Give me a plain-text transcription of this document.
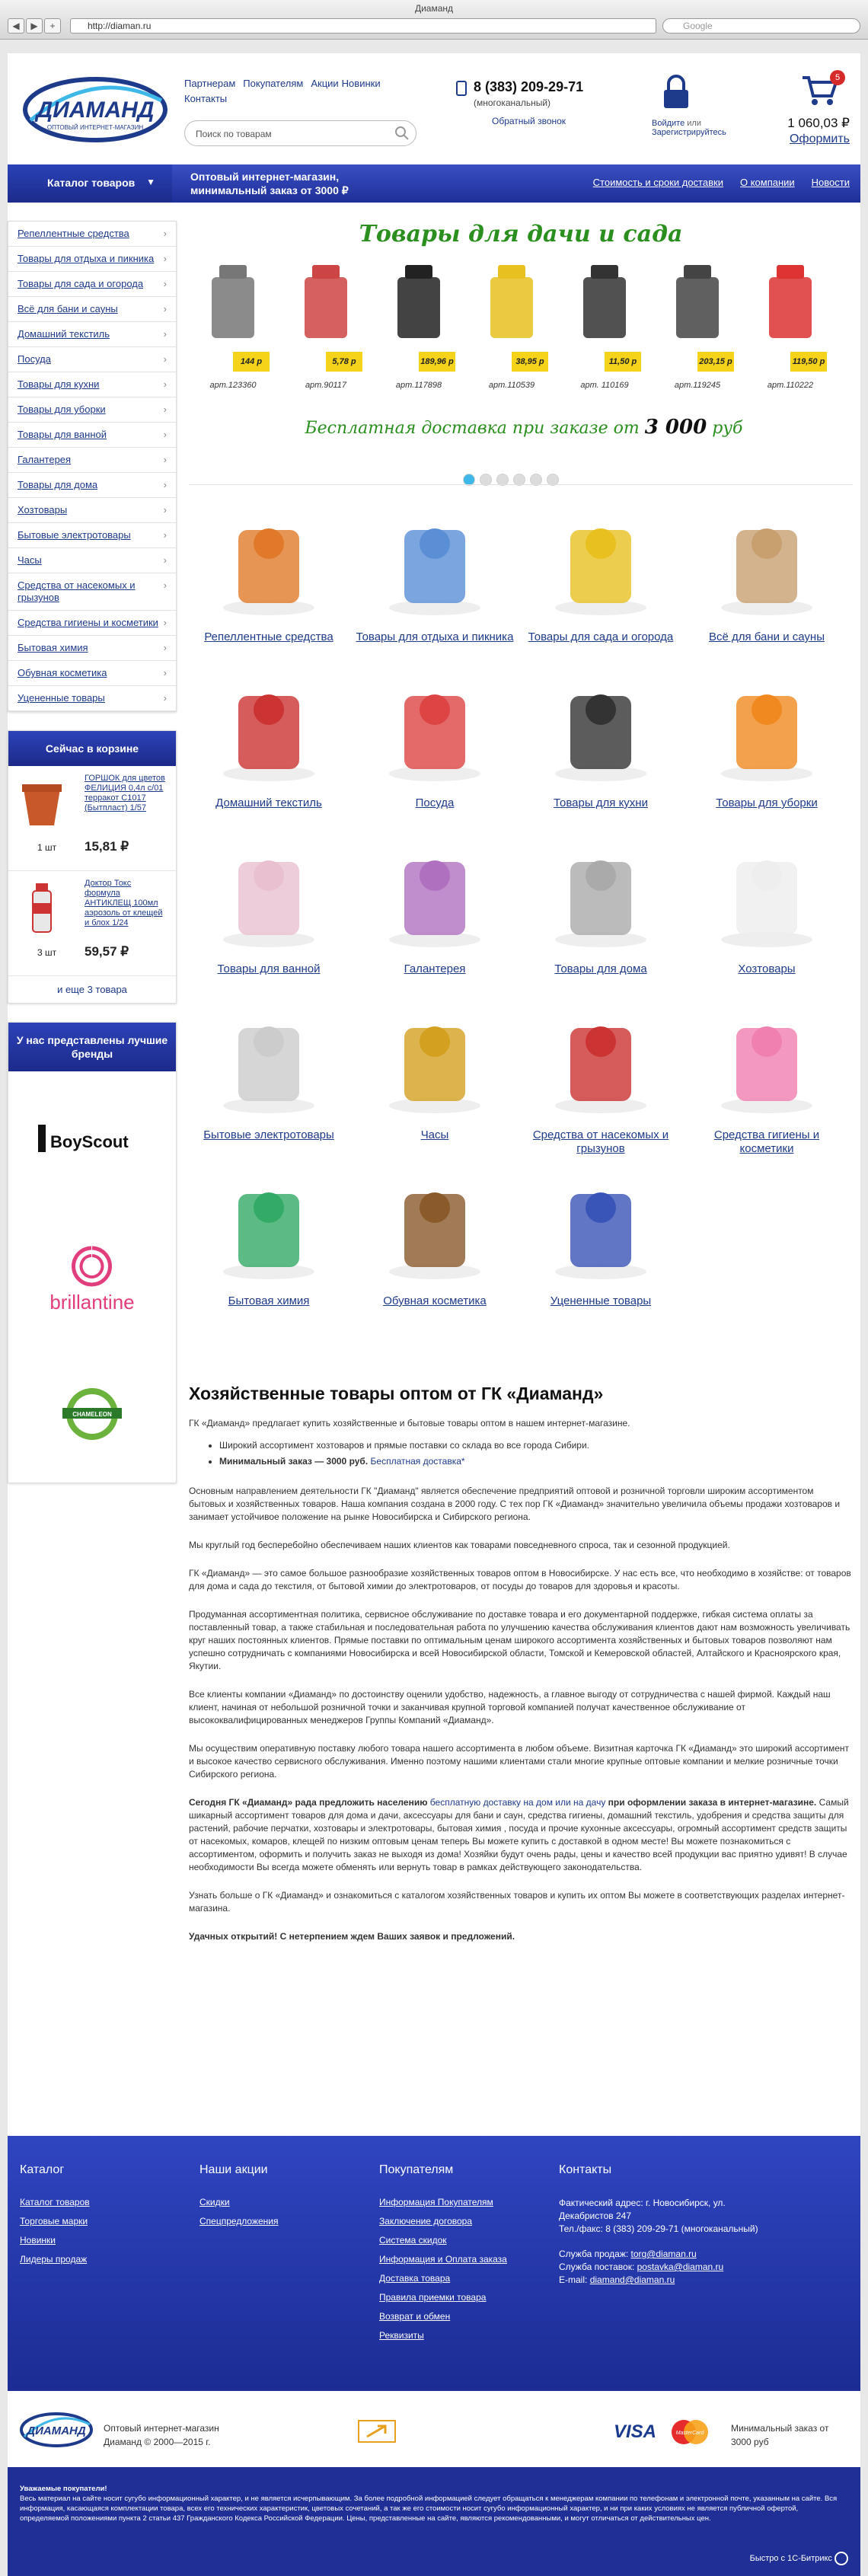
Диаманд
◀	▶	+	http://diaman.ru	Google
ДИАМАНД
ОПТОВЫЙ ИНТЕРНЕТ-МАГАЗИН
Партнерам Покупателям Акции Новинки
Контакты
Поиск по товарам
8 (383) 209-29-71
(многоканальный)
Обратный звонок	Войдите или
Зарегистрируйтесь
5
1 060,03 ₽
Оформить
Каталог товаров ▼	Оптовый интернет-магазин,
минимальный заказ от 3000 ₽
Стоимость и сроки доставки О компании Новости
Репеллентные средства ›
Товары для отдыха и пикника ›
Товары для сада и огорода ›
Всё для бани и сауны ›
Домашний текстиль ›
Посуда ›
Товары для кухни ›
Товары для уборки ›
Товары для ванной ›
Галантерея ›
Товары для дома ›
Хозтовары ›
Бытовые электротовары ›
Часы ›
Средства от насекомых и грызунов ›
Средства гигиены и косметики ›
Бытовая химия ›
Обувная косметика ›
Уцененные товары ›
Сейчас в корзине
ГОРШОК для цветов ФЕЛИЦИЯ 0,4л с/01 терракот С1017 (Бытпласт) 1/57
1 шт 15,81 ₽
Доктор Токс формула АНТИКЛЕЩ 100мл аэрозоль от клещей и блох 1/24
3 шт 59,57 ₽
и еще 3 товара
У нас представлены лучшие бренды
BoyScout
brillantine
CHAMELEON
Товары для дачи и сада
144 р
арт.123360
5,78 р
арт.90117
189,96 р
арт.117898
38,95 р
арт.110539
11,50 р
арт. 110169
203,15 р
арт.119245
119,50 р
арт.110222
Бесплатная доставка при заказе от 3 000 руб
Репеллентные средства	Товары для отдыха и пикника	Товары для сада и огорода	Всё для бани и сауны
Домашний текстиль	Посуда	Товары для кухни	Товары для уборки
Товары для ванной	Галантерея	Товары для дома	Хозтовары
Бытовые электротовары	Часы	Средства от насекомых и грызунов
Средства гигиены и косметики
Бытовая химия	Обувная косметика	Уцененные товары
Хозяйственные товары оптом от ГК «Диаманд»

ГК «Диаманд» предлагает купить хозяйственные и бытовые товары оптом в нашем интернет-магазине.

• Широкий ассортимент хозтоваров и прямые поставки со склада во все города Сибири.
• Минимальный заказ — 3000 руб. Бесплатная доставка*

Основным направлением деятельности ГК "Диаманд" является обеспечение предприятий оптовой и розничной торговли широким ассортиментом бытовых и хозяйственных товаров. Наша компания создана в 2000 году. С тех пор ГК «Диаманд» значительно увеличила объемы продажи хозтоваров и занимает устойчивое положение на рынке Новосибирска и Сибирского региона.

Мы круглый год бесперебойно обеспечиваем наших клиентов как товарами повседневного спроса, так и сезонной продукцией.

ГК «Диаманд» — это самое большое разнообразие хозяйственных товаров оптом в Новосибирске. У нас есть все, что необходимо в хозяйстве: от товаров для дома и сада до текстиля, от бытовой химии до электротоваров, от посуды до товаров для здоровья и красоты.

Продуманная ассортиментная политика, сервисное обслуживание по доставке товара и его документарной поддержке, гибкая система оплаты за поставленный товар, а также стабильная и последовательная работа по улучшению качества обслуживания клиентов дают нам возможность увеличивать круг наших постоянных клиентов. Прямые поставки по оптимальным ценам широкого ассортимента хозяйственных и бытовых товаров позволяют нам успешно сотрудничать с компаниями Новосибирска и всей Новосибирской области, Томской и Кемеровской областей, Алтайского и Красноярского края, Якутии.

Все клиенты компании «Диаманд» по достоинству оценили удобство, надежность, а главное выгоду от сотрудничества с нашей фирмой. Каждый наш клиент, начиная от небольшой розничной точки и заканчивая крупной торговой компанией получат качественное обслуживание от высококвалифицированных менеджеров Группы Компаний «Диаманд».

Мы осуществим оперативную поставку любого товара нашего ассортимента в любом объеме. Визитная карточка ГК «Диаманд» это широкий ассортимент и высокое качество сервисного обслуживания. Именно поэтому нашими клиентами стали многие крупные оптовые компании и мелкие розничные точки Сибирского региона.

Сегодня ГК «Диаманд» рада предложить населению бесплатную доставку на дом или на дачу при оформлении заказа в интернет-магазине. Самый шикарный ассортимент товаров для дома и дачи, аксессуары для бани и саун, средства гигиены, домашний текстиль, удобрения и средства защиты для растений, рабочие перчатки, хозтовары и электротовары, бытовая химия , посуда и прочие кухонные аксессуары, огромный ассортимент средств защиты от насекомых, комаров, клещей по низким оптовым ценам теперь Вы можете купить с доставкой в одном месте! Вы можете познакомиться с ассортиментом, оформить и получить заказ не выходя из дома! Хозяйки будут очень рады, цены и качество всей продукции вас приятно удивят! В случае необходимости Вы всегда можете обменять или вернуть товар в рамках действующего законодательства.

Узнать больше о ГК «Диаманд» и ознакомиться с каталогом хозяйственных товаров и купить их оптом Вы можете в соответствующих разделах интернет-магазина.

Удачных открытий! С нетерпением ждем Ваших заявок и предложений.

Каталог
Каталог товаров
Торговые марки
Новинки
Лидеры продаж
Наши акции
Скидки
Спецпредложения
Покупателям
Информация Покупателям
Заключение договора
Система скидок
Информация и Оплата заказа
Доставка товара
Правила приемки товара
Возврат и обмен
Реквизиты
Контакты
Фактический адрес: г. Новосибирск, ул. Декабристов 247
Тел./факс: 8 (383) 209-29-71 (многоканальный)
Служба продаж: torg@diaman.ru
Служба поставок: postavka@diaman.ru
E-mail: diamand@diaman.ru
ДИАМАНД Оптовый интернет-магазин
Диаманд © 2000—2015 г.	VISA	MasterCard	Минимальный заказ от
3000 руб
Уважаемые покупатели!
Весь материал на сайте носит сугубо информационный характер, и не является исчерпывающим. За более подробной информацией следует обращаться к менеджерам компании по телефонам и электронной почте, указанным на сайте. Вся информация, касающаяся комплектации товара, всех его технических характеристик, цветовых сочетаний, а так же его стоимости носит сугубо информационный характер, и ни при каких условиях не является публичной офертой, определяемой положениями пункта 2 статьи 437 Гражданского Кодекса Российской Федерации. Цены, представленные на сайте, являются рекомендованными, и могут отличаться от действительных цен.
Быстро с 1С-Битрикс
